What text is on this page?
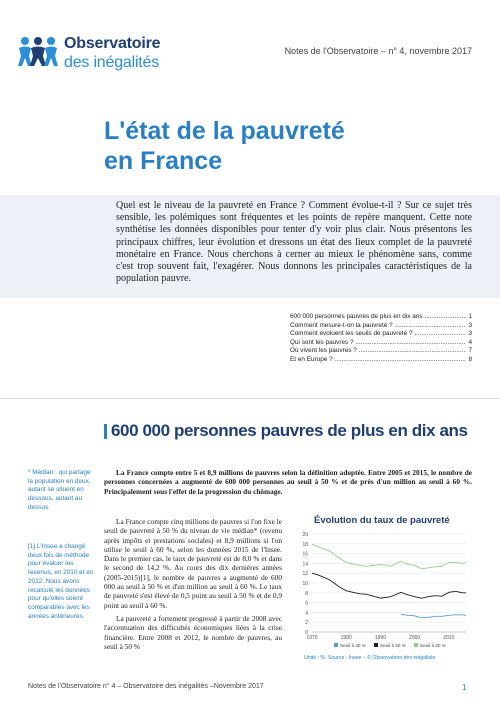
Observatoire
des inégalités
Notes de l'Observatoire – n° 4, novembre 2017
L'état de la pauvreté
en France
Quel est le niveau de la pauvreté en France ? Comment évolue-t-il ? Sur ce sujet très sensible, les polémiques sont fréquentes et les points de repère manquent. Cette note synthétise les données disponibles pour tenter d'y voir plus clair. Nous présentons les principaux chiffres, leur évolution et dressons un état des lieux complet de la pauvreté monétaire en France. Nous cherchons à cerner au mieux le phénomène sans, comme c'est trop souvent fait, l'exagérer. Nous donnons les principales caractéristiques de la population pauvre.
600 000 personnes pauvres de plus en dix ans .....	1
Comment mesure-t-on la pauvreté ? .....	3
Comment évoluent les seuils de pauvreté ? .....	3
Qui sont les pauvres ? .....	4
Où vivent les pauvres ? .....	7
Et en Europe ? .....	8
600 000 personnes pauvres de plus en dix ans
* Médian : qui partage la population en deux, autant se situent en dessous, autant au dessus.
[1] L'Insee a changé deux fois de méthode pour évaluer les revenus, en 2010 et en 2012. Nous avons recalculé les données pour qu'elles soient comparables avec les années antérieures.
La France compte entre 5 et 8,9 millions de pauvres selon la définition adoptée. Entre 2005 et 2015, le nombre de personnes concernées a augmenté de 600 000 personnes au seuil à 50 % et de près d'un million au seuil à 60 %. Principalement sous l'effet de la progression du chômage.

La France compte cinq millions de pauvres si l'on fixe le seuil de pauvreté à 50 % du niveau de vie médian* (revenu après impôts et prestations sociales) et 8,9 millions si l'on utilise le seuil à 60 %, selon les données 2015 de l'Insee. Dans le premier cas, le taux de pauvreté est de 8,0 % et dans le second de 14,2 %. Au cours des dix dernières années (2005-2015)[1], le nombre de pauvres a augmenté de 600 000 au seuil à 50 % et d'un million au seuil à 60 %. Le taux de pauvreté s'est élevé de 0,5 point au seuil à 50 % et de 0,9 point au seuil à 60 %.

La pauvreté a fortement progressé à partir de 2008 avec l'accentuation des difficultés économiques liées à la crise financière. Entre 2008 et 2012, le nombre de pauvres, au seuil à 50 %

Évolution du taux de pauvreté
0
2
4
6
8
10
12
14
16
18
20
1970	1980	1990	2000	2010
Seuil à 40 %	Seuil à 50 %	Seuil à 60 %
Unité : %. Source : Insee – © Observatoire des inégalités
Notes de l'Observatoire n° 4 – Observatoire des inégalités –Novembre 2017	1
